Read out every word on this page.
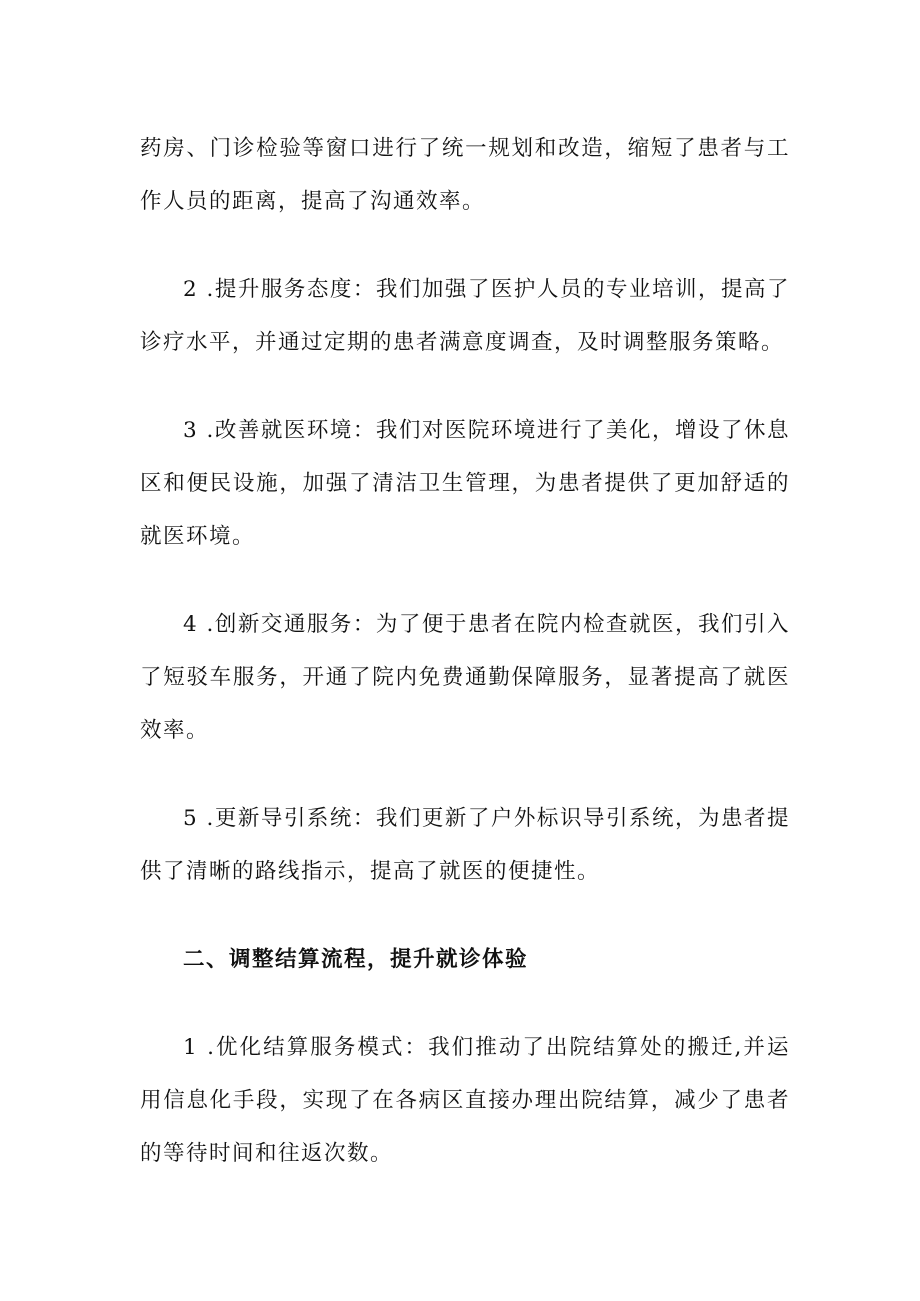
药房、门诊检验等窗口进行了统一规划和改造，缩短了患者与工作人员的距离，提高了沟通效率。

2 .提升服务态度：我们加强了医护人员的专业培训，提高了诊疗水平，并通过定期的患者满意度调查，及时调整服务策略。

3 .改善就医环境：我们对医院环境进行了美化，增设了休息区和便民设施，加强了清洁卫生管理，为患者提供了更加舒适的就医环境。

4 .创新交通服务：为了便于患者在院内检查就医，我们引入了短驳车服务，开通了院内免费通勤保障服务，显著提高了就医效率。

5 .更新导引系统：我们更新了户外标识导引系统，为患者提供了清晰的路线指示，提高了就医的便捷性。

二、调整结算流程，提升就诊体验

1 .优化结算服务模式：我们推动了出院结算处的搬迁,并运用信息化手段，实现了在各病区直接办理出院结算，减少了患者的等待时间和往返次数。
